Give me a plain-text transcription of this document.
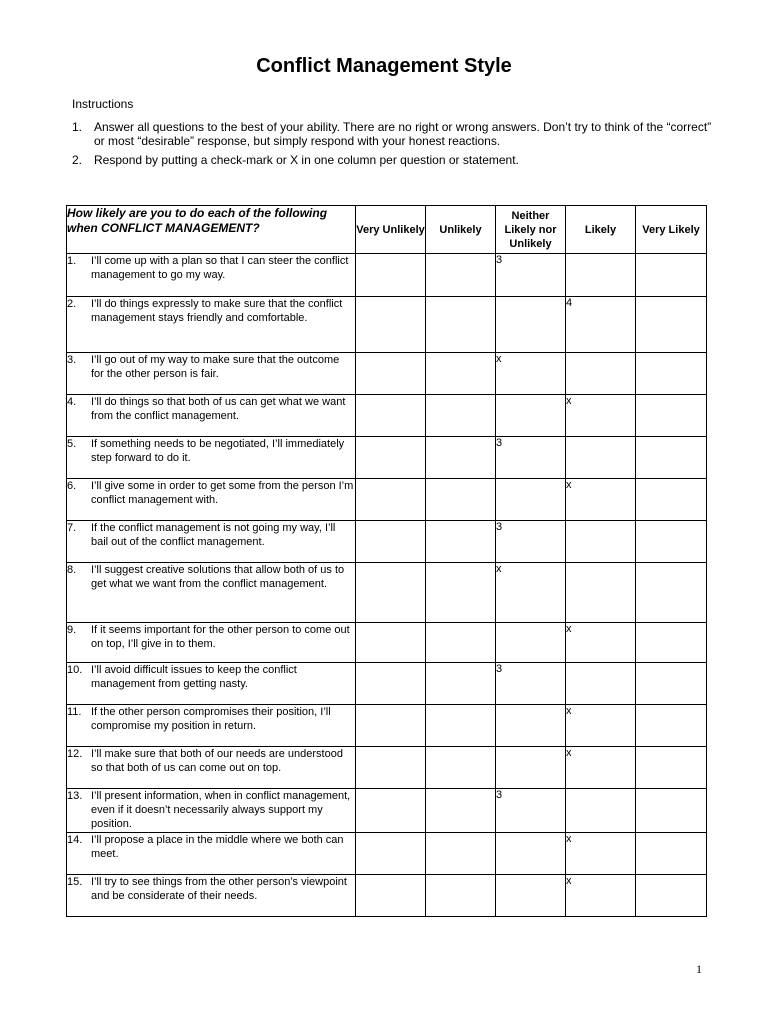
Conflict Management Style
Instructions
1. Answer all questions to the best of your ability. There are no right or wrong answers. Don’t try to think of the “correct” or most “desirable” response, but simply respond with your honest reactions.
2. Respond by putting a check-mark or X in one column per question or statement.
How likely are you to do each of the following when CONFLICT MANAGEMENT?	Very Unlikely	Unlikely	Neither Likely nor Unlikely	Likely	Very Likely

1. I’ll come up with a plan so that I can steer the conflict management to go my way.			3		

2. I’ll do things expressly to make sure that the conflict management stays friendly and comfortable.				4	

3. I’ll go out of my way to make sure that the outcome for the other person is fair.			x		

4. I’ll do things so that both of us can get what we want from the conflict management.				x	

5. If something needs to be negotiated, I’ll immediately step forward to do it.			3		

6. I’ll give some in order to get some from the person I’m conflict management with.				x	

7. If the conflict management is not going my way, I’ll bail out of the conflict management.			3		

8. I’ll suggest creative solutions that allow both of us to get what we want from the conflict management.			x		

9. If it seems important for the other person to come out on top, I’ll give in to them.				x	

10. I’ll avoid difficult issues to keep the conflict management from getting nasty.			3		

11. If the other person compromises their position, I’ll compromise my position in return.				x	

12. I’ll make sure that both of our needs are understood so that both of us can come out on top.				x	

13. I’ll present information, when in conflict management, even if it doesn’t necessarily always support my position.			3		

14. I’ll propose a place in the middle where we both can meet.				x	

15. I’ll try to see things from the other person’s viewpoint and be considerate of their needs.				x	
1
